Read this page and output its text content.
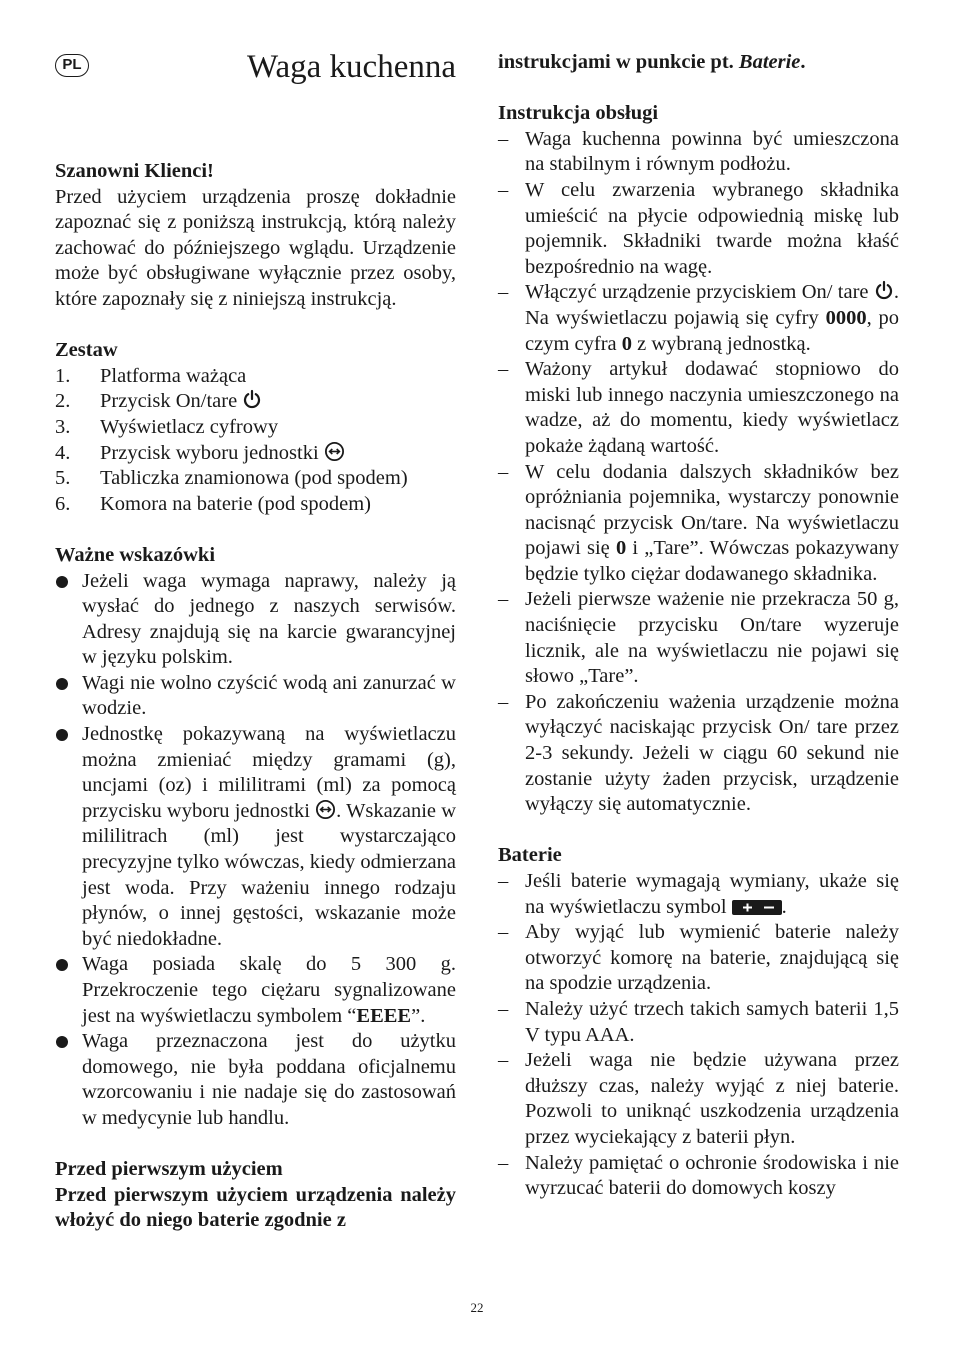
PL	Waga kuchenna
Szanowni Klienci!
Przed użyciem urządzenia proszę dokładnie zapoznać się z poniższą instrukcją, którą należy zachować do późniejszego wglądu. Urządzenie może być obsługiwane wyłącznie przez osoby, które zapoznały się z niniejszą instrukcją.
Zestaw
1.	Platforma ważąca
2.	Przycisk On/tare
3.	Wyświetlacz cyfrowy
4.	Przycisk wyboru jednostki
5.	Tabliczka znamionowa (pod spodem)
6.	Komora na baterie (pod spodem)
Ważne wskazówki
Jeżeli waga wymaga naprawy, należy ją wysłać do jednego z naszych serwisów. Adresy znajdują się na karcie gwarancyjnej w języku polskim.
Wagi nie wolno czyścić wodą ani zanurzać w wodzie.
Jednostkę pokazywaną na wyświetlaczu można zmieniać między gramami (g), uncjami (oz) i mililitrami (ml) za pomocą przycisku wyboru jednostki . Wskazanie w mililitrach (ml) jest wystarczająco precyzyjne tylko wówczas, kiedy odmierzana jest woda. Przy ważeniu innego rodzaju płynów, o innej gęstości, wskazanie może być niedokładne.
Waga posiada skalę do 5 300 g. Przekroczenie tego ciężaru sygnalizowane jest na wyświetlaczu symbolem “EEEE”.
Waga przeznaczona jest do użytku domowego, nie była poddana oficjalnemu wzorcowaniu i nie nadaje się do zastosowań w medycynie lub handlu.
Przed pierwszym użyciem
Przed pierwszym użyciem urządzenia należy włożyć do niego baterie zgodnie z
instrukcjami w punkcie pt. Baterie.
Instrukcja obsługi
– Waga kuchenna powinna być umieszczona na stabilnym i równym podłożu.
– W celu zwarzenia wybranego składnika umieścić na płycie odpowiednią miskę lub pojemnik. Składniki twarde można kłaść bezpośrednio na wagę.
– Włączyć urządzenie przyciskiem On/ tare . Na wyświetlaczu pojawią się cyfry 0000, po czym cyfra 0 z wybraną jednostką.
– Ważony artykuł dodawać stopniowo do miski lub innego naczynia umieszczonego na wadze, aż do momentu, kiedy wyświetlacz pokaże żądaną wartość.
– W celu dodania dalszych składników bez opróżniania pojemnika, wystarczy ponownie nacisnąć przycisk On/tare. Na wyświetlaczu pojawi się 0 i „Tare”. Wówczas pokazywany będzie tylko ciężar dodawanego składnika.
– Jeżeli pierwsze ważenie nie przekracza 50 g, naciśnięcie przycisku On/tare wyzeruje licznik, ale na wyświetlaczu nie pojawi się słowo „Tare”.
– Po zakończeniu ważenia urządzenie można wyłączyć naciskając przycisk On/ tare przez 2-3 sekundy. Jeżeli w ciągu 60 sekund nie zostanie użyty żaden przycisk, urządzenie wyłączy się automatycznie.
Baterie
– Jeśli baterie wymagają wymiany, ukaże się na wyświetlaczu symbol	.
– Aby wyjąć lub wymienić baterie należy otworzyć komorę na baterie, znajdującą się na spodzie urządzenia.
– Należy użyć trzech takich samych baterii 1,5 V typu AAA.
– Jeżeli waga nie będzie używana przez dłuższy czas, należy wyjąć z niej baterie. Pozwoli to uniknąć uszkodzenia urządzenia przez wyciekający z baterii płyn.
– Należy pamiętać o ochronie środowiska i nie wyrzucać baterii do domowych koszy
22
